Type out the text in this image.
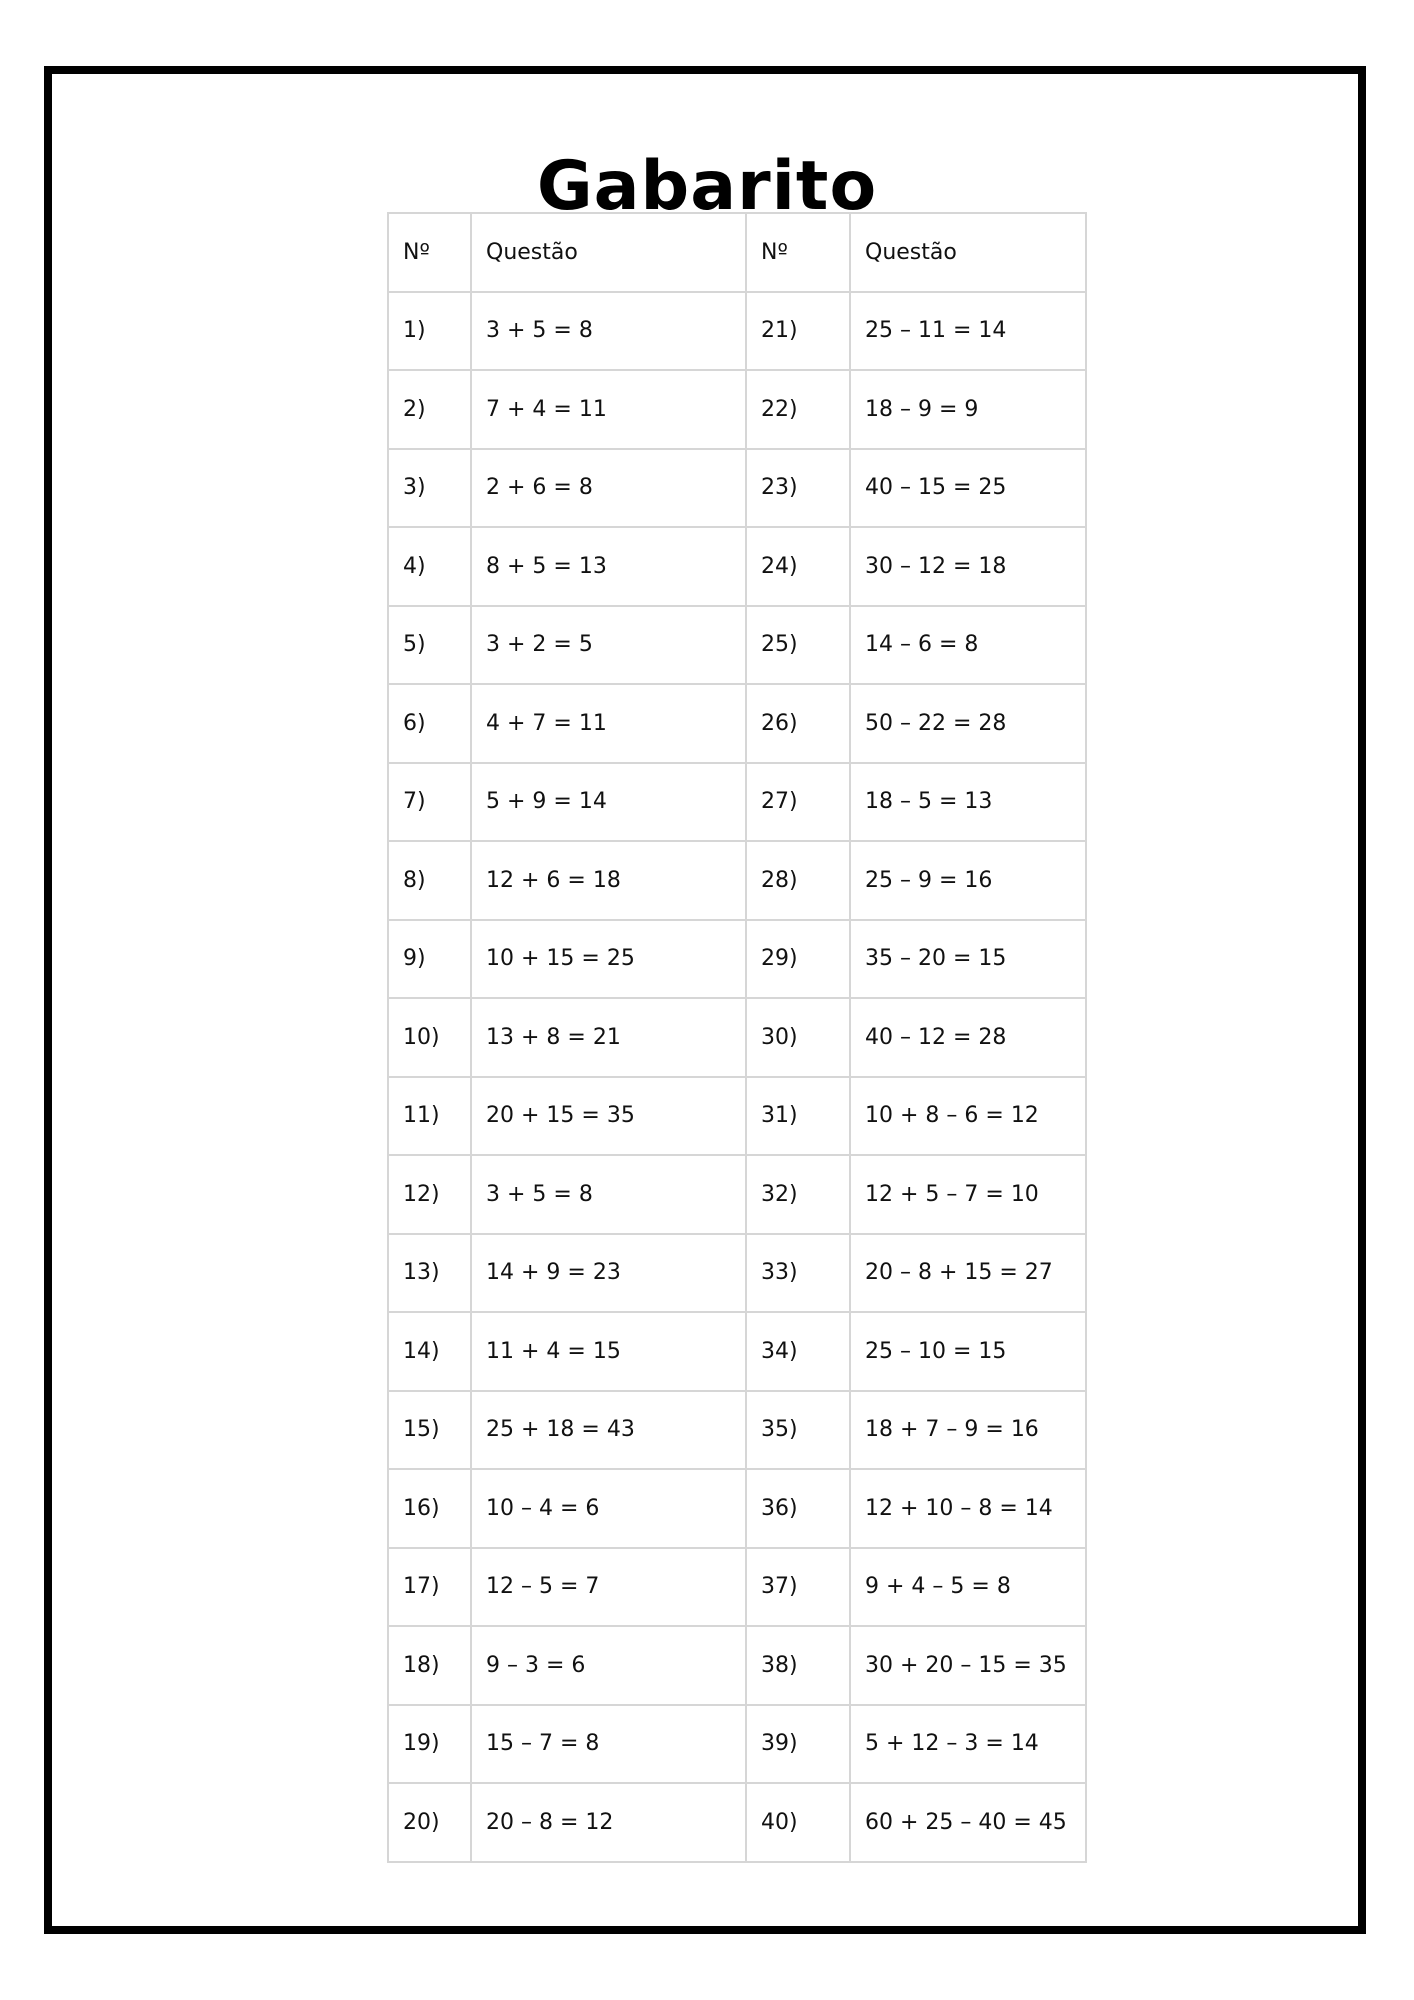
Gabarito
Nº	Questão	Nº	Questão
1)	3 + 5 = 8	21)	25 – 11 = 14
2)	7 + 4 = 11	22)	18 – 9 = 9
3)	2 + 6 = 8	23)	40 – 15 = 25
4)	8 + 5 = 13	24)	30 – 12 = 18
5)	3 + 2 = 5	25)	14 – 6 = 8
6)	4 + 7 = 11	26)	50 – 22 = 28
7)	5 + 9 = 14	27)	18 – 5 = 13
8)	12 + 6 = 18	28)	25 – 9 = 16
9)	10 + 15 = 25	29)	35 – 20 = 15
10)	13 + 8 = 21	30)	40 – 12 = 28
11)	20 + 15 = 35	31)	10 + 8 – 6 = 12
12)	3 + 5 = 8	32)	12 + 5 – 7 = 10
13)	14 + 9 = 23	33)	20 – 8 + 15 = 27
14)	11 + 4 = 15	34)	25 – 10 = 15
15)	25 + 18 = 43	35)	18 + 7 – 9 = 16
16)	10 – 4 = 6	36)	12 + 10 – 8 = 14
17)	12 – 5 = 7	37)	9 + 4 – 5 = 8
18)	9 – 3 = 6	38)	30 + 20 – 15 = 35
19)	15 – 7 = 8	39)	5 + 12 – 3 = 14
20)	20 – 8 = 12	40)	60 + 25 – 40 = 45
